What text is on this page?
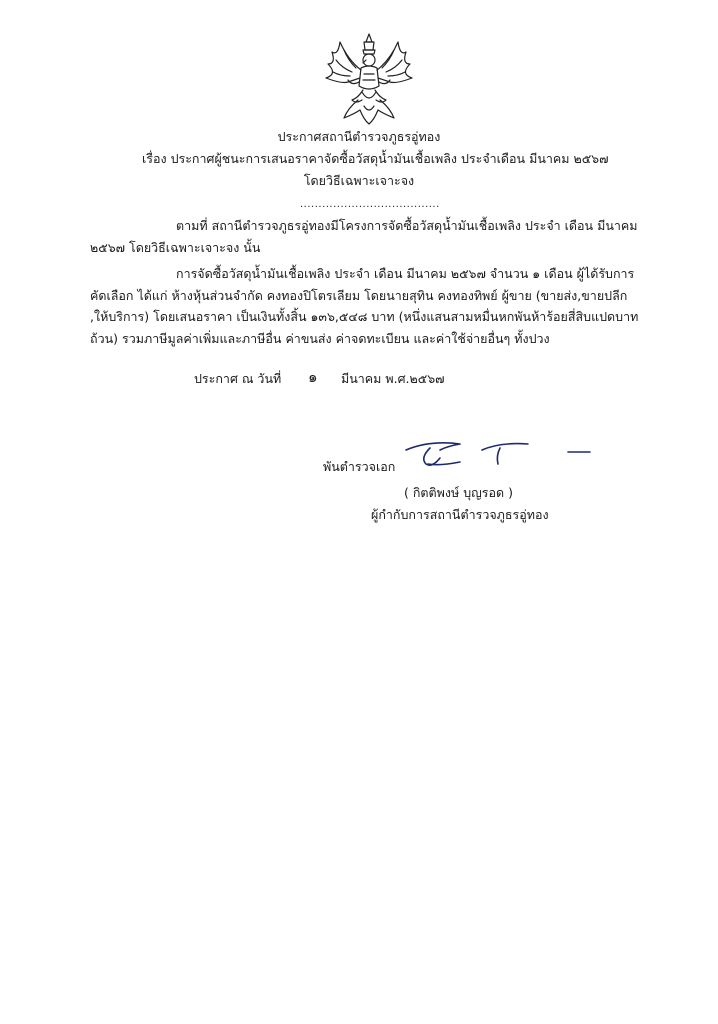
ประกาศสถานีตำรวจภูธรอู่ทอง
เรื่อง ประกาศผู้ชนะการเสนอราคาจัดซื้อวัสดุน้ำมันเชื้อเพลิง ประจำเดือน มีนาคม ๒๕๖๗
โดยวิธีเฉพาะเจาะจง
......................................
ตามที่ สถานีตำรวจภูธรอู่ทองมีโครงการจัดซื้อวัสดุน้ำมันเชื้อเพลิง ประจำ เดือน มีนาคม
๒๕๖๗ โดยวิธีเฉพาะเจาะจง นั้น
การจัดซื้อวัสดุน้ำมันเชื้อเพลิง ประจำ เดือน มีนาคม ๒๕๖๗ จำนวน ๑ เดือน ผู้ได้รับการ
คัดเลือก ได้แก่ ห้างหุ้นส่วนจำกัด คงทองปิโตรเลียม โดยนายสุทิน คงทองทิพย์ ผู้ขาย (ขายส่ง,ขายปลีก
,ให้บริการ) โดยเสนอราคา เป็นเงินทั้งสิ้น ๑๓๖,๕๔๘ บาท (หนึ่งแสนสามหมื่นหกพันห้าร้อยสี่สิบแปดบาท
ถ้วน) รวมภาษีมูลค่าเพิ่มและภาษีอื่น ค่าขนส่ง ค่าจดทะเบียน และค่าใช้จ่ายอื่นๆ ทั้งปวง
ประกาศ ณ วันที่ ๑ มีนาคม พ.ศ.๒๕๖๗
พันตำรวจเอก
( กิตติพงษ์ บุญรอด )
ผู้กำกับการสถานีตำรวจภูธรอู่ทอง
